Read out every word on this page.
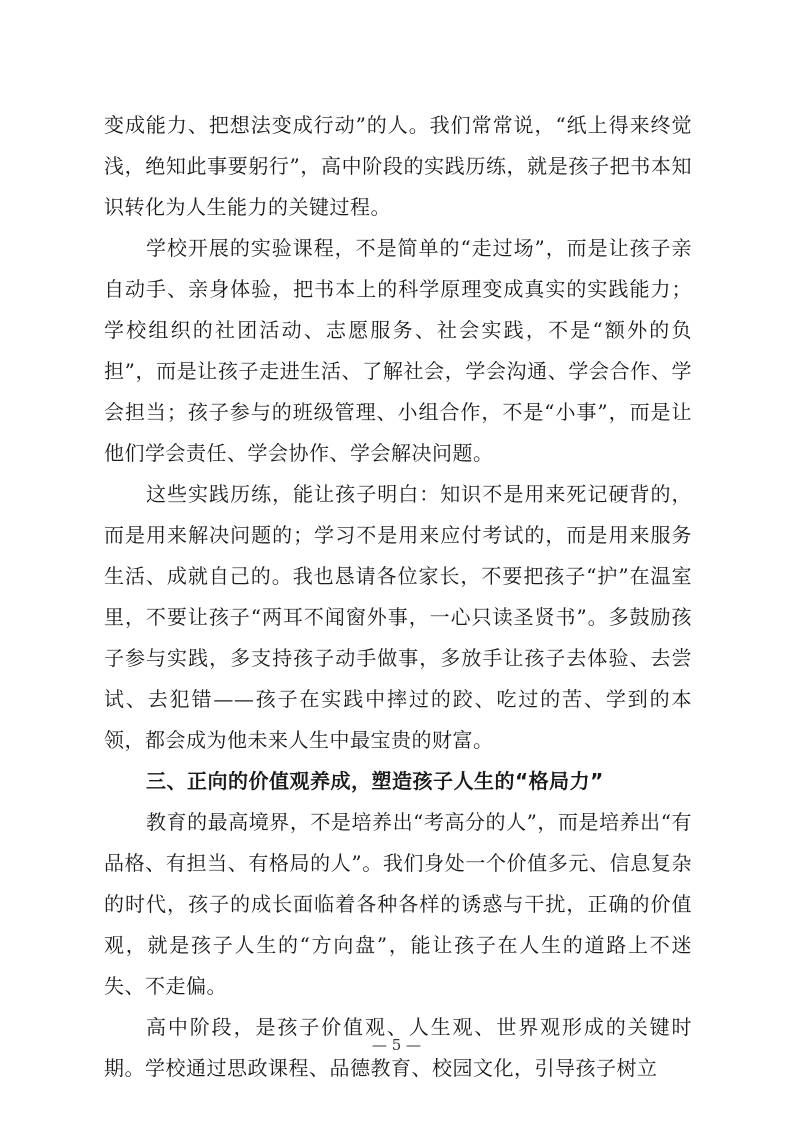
变成能力、把想法变成行动”的人。我们常常说，“纸上得来终觉浅，绝知此事要躬行”，高中阶段的实践历练，就是孩子把书本知识转化为人生能力的关键过程。

学校开展的实验课程，不是简单的“走过场”，而是让孩子亲自动手、亲身体验，把书本上的科学原理变成真实的实践能力；学校组织的社团活动、志愿服务、社会实践，不是“额外的负担”，而是让孩子走进生活、了解社会，学会沟通、学会合作、学会担当；孩子参与的班级管理、小组合作，不是“小事”，而是让他们学会责任、学会协作、学会解决问题。

这些实践历练，能让孩子明白：知识不是用来死记硬背的，而是用来解决问题的；学习不是用来应付考试的，而是用来服务生活、成就自己的。我也恳请各位家长，不要把孩子“护”在温室里，不要让孩子“两耳不闻窗外事，一心只读圣贤书”。多鼓励孩子参与实践，多支持孩子动手做事，多放手让孩子去体验、去尝试、去犯错——孩子在实践中摔过的跤、吃过的苦、学到的本领，都会成为他未来人生中最宝贵的财富。

三、正向的价值观养成，塑造孩子人生的“格局力”

教育的最高境界，不是培养出“考高分的人”，而是培养出“有品格、有担当、有格局的人”。我们身处一个价值多元、信息复杂的时代，孩子的成长面临着各种各样的诱惑与干扰，正确的价值观，就是孩子人生的“方向盘”，能让孩子在人生的道路上不迷失、不走偏。

高中阶段，是孩子价值观、人生观、世界观形成的关键时期。学校通过思政课程、品德教育、校园文化，引导孩子树立

— 5 —
